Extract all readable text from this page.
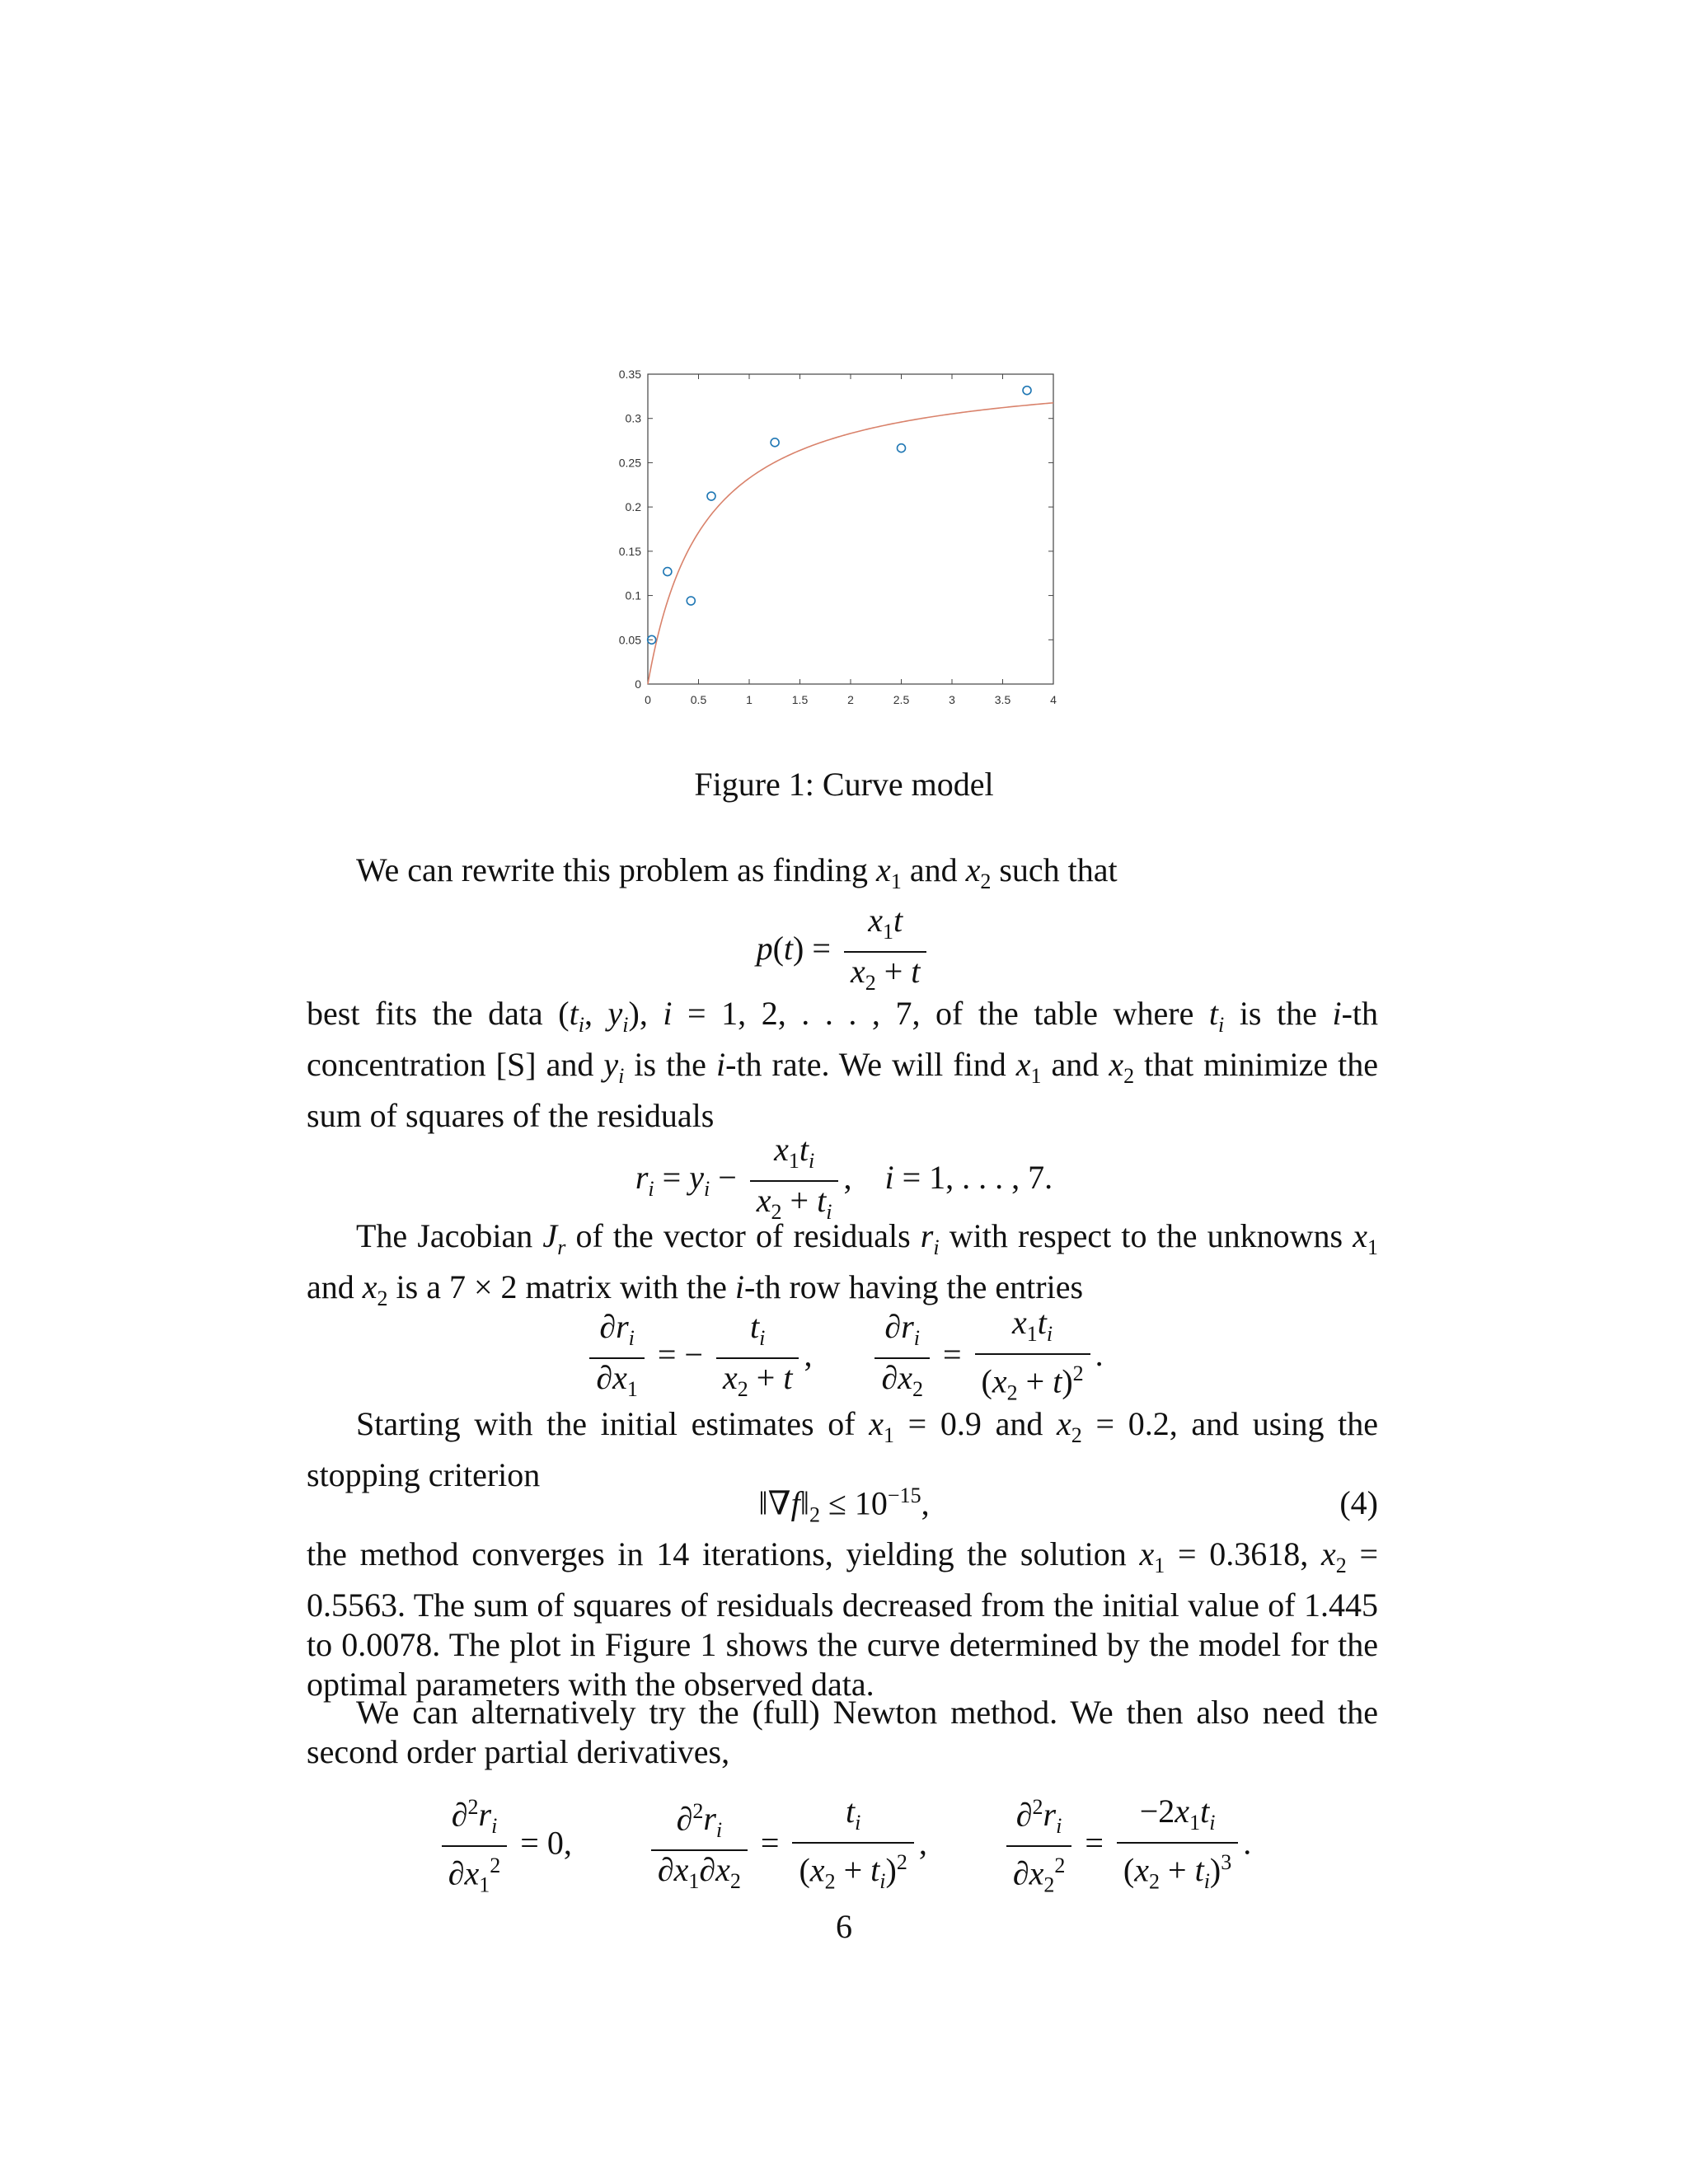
0	0.5	1	1.5	2	2.5	3	3.5	4
0
0.05
0.1
0.15
0.2
0.25
0.3
0.35
Figure 1: Curve model
We can rewrite this problem as finding $x_1$ and $x_2$ such that
$p(t) = \frac{x_1t}{x_2 + t}$
best fits the data ($t_i$, $y_i$), i = 1, 2, . . . , 7, of the table where $t_i$ is the i-th concentration [S] and $y_i$ is the i-th rate. We will find $x_1$ and $x_2$ that minimize the sum of squares of the residuals
$r_i = y_i - \frac{x_1t_i}{x_2 + t_i}$ ,    i = 1, . . . , 7.
The Jacobian $J_r$ of the vector of residuals $r_i$ with respect to the unknowns $x_1$ and $x_2$ is a 7 × 2 matrix with the i-th row having the entries
$\frac{\partial r_i}{\partial x_1}$ = − $\frac{t_i}{x_2 + t}$ , $\frac{\partial r_i}{\partial x_2} = \frac{x_1t_i}{(x_2 + t)^2}$ .
Starting with the initial estimates of $x_1 = 0.9$ and $x_2 = 0.2$, and using the stopping criterion
$‖\nabla f‖_2 \le 10^{-15}$,	(4)
the method converges in 14 iterations, yielding the solution $x_1 = 0.3618$, $x_2 = 0.5563$. The sum of squares of residuals decreased from the initial value of 1.445 to 0.0078. The plot in Figure 1 shows the curve determined by the model for the optimal parameters with the observed data.
We can alternatively try the (full) Newton method. We then also need the second order partial derivatives,
$\frac{\partial^2r_i}{\partial x_1^2} = 0$, $\frac{\partial^2r_i}{\partial x_1\partial x_2} = \frac{t_i}{(x_2 + t_i)^2}$ , $\frac{\partial^2r_i}{\partial x_2^2} = \frac{-2x_1t_i}{(x_2 + t_i)^3}$ .
6
